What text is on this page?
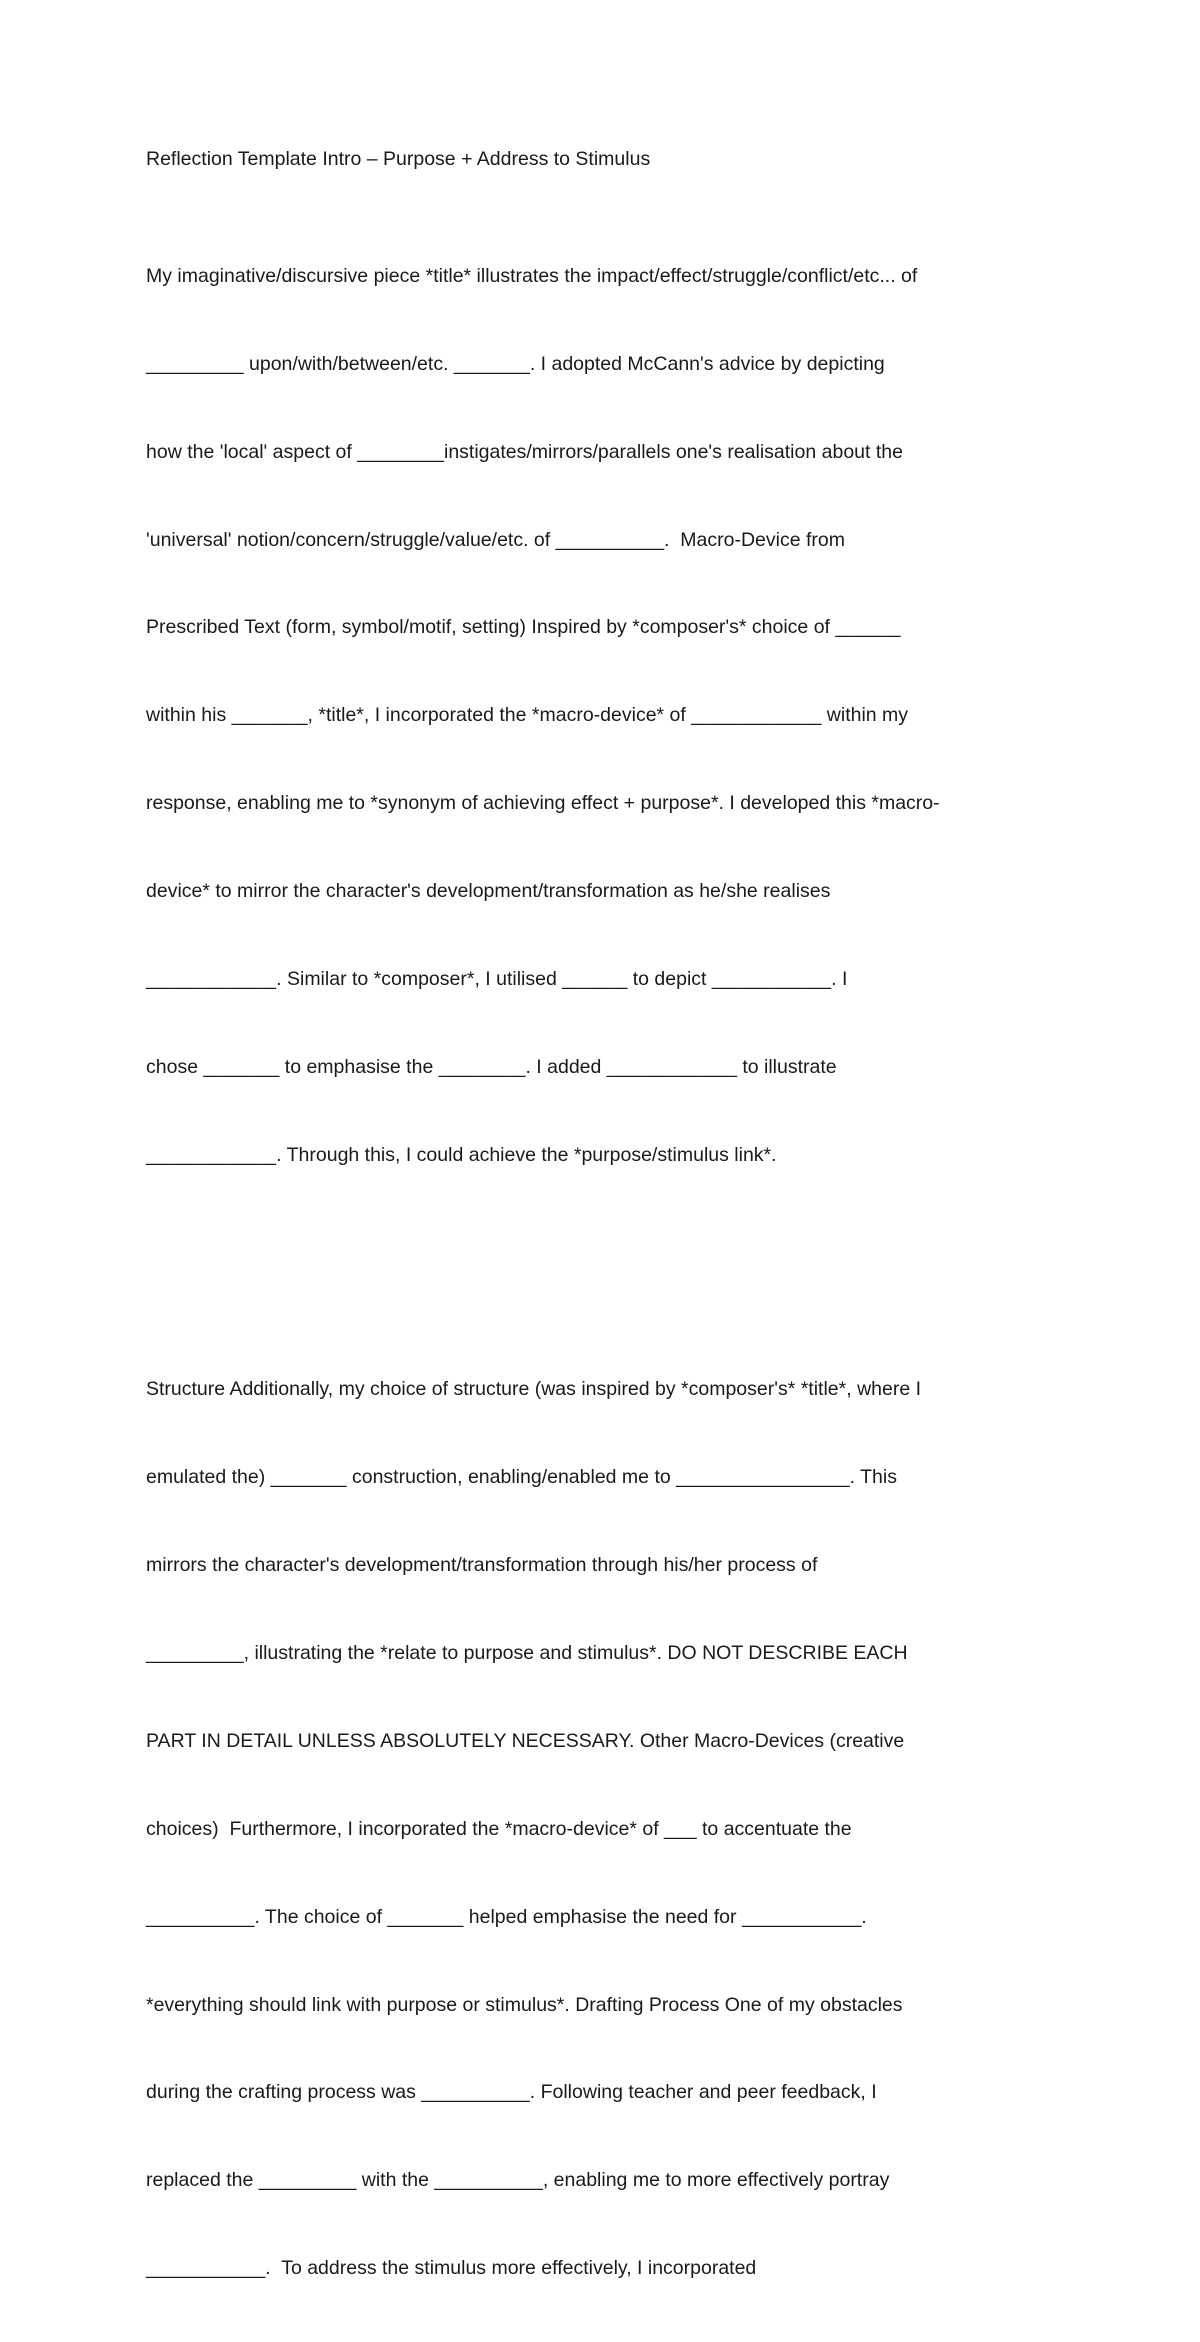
Reflection Template Intro – Purpose + Address to Stimulus

My imaginative/discursive piece *title* illustrates the impact/effect/struggle/conflict/etc... of

_________ upon/with/between/etc. _______. I adopted McCann's advice by depicting

how the 'local' aspect of ________instigates/mirrors/parallels one's realisation about the

'universal' notion/concern/struggle/value/etc. of __________.  Macro-Device from

Prescribed Text (form, symbol/motif, setting) Inspired by *composer's* choice of ______

within his _______, *title*, I incorporated the *macro-device* of ____________ within my

response, enabling me to *synonym of achieving effect + purpose*. I developed this *macro-

device* to mirror the character's development/transformation as he/she realises

____________. Similar to *composer*, I utilised ______ to depict ___________. I

chose _______ to emphasise the ________. I added ____________ to illustrate

____________. Through this, I could achieve the *purpose/stimulus link*.

Structure Additionally, my choice of structure (was inspired by *composer's* *title*, where I

emulated the) _______ construction, enabling/enabled me to ________________. This

mirrors the character's development/transformation through his/her process of

_________, illustrating the *relate to purpose and stimulus*. DO NOT DESCRIBE EACH

PART IN DETAIL UNLESS ABSOLUTELY NECESSARY. Other Macro-Devices (creative

choices)  Furthermore, I incorporated the *macro-device* of ___ to accentuate the

__________. The choice of _______ helped emphasise the need for ___________.

*everything should link with purpose or stimulus*. Drafting Process One of my obstacles

during the crafting process was __________. Following teacher and peer feedback, I

replaced the _________ with the __________, enabling me to more effectively portray

___________.  To address the stimulus more effectively, I incorporated
